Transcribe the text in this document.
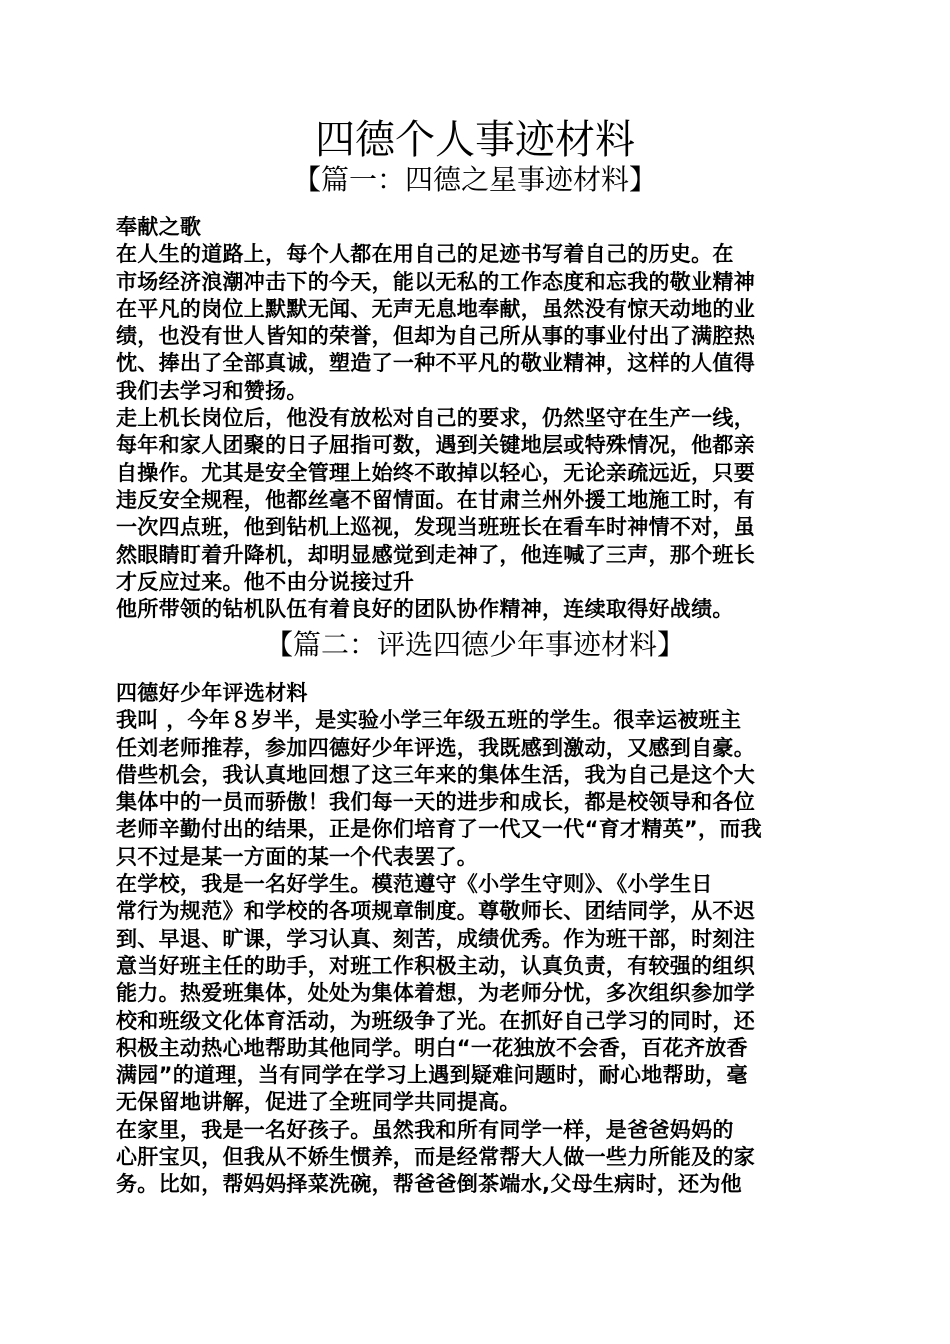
四德个人事迹材料
【篇一：四德之星事迹材料】
奉献之歌
在人生的道路上，每个人都在用自己的足迹书写着自己的历史。在
市场经济浪潮冲击下的今天，能以无私的工作态度和忘我的敬业精神
在平凡的岗位上默默无闻、无声无息地奉献，虽然没有惊天动地的业
绩，也没有世人皆知的荣誉，但却为自己所从事的事业付出了满腔热
忱、捧出了全部真诚，塑造了一种不平凡的敬业精神，这样的人值得
我们去学习和赞扬。
走上机长岗位后，他没有放松对自己的要求，仍然坚守在生产一线，
每年和家人团聚的日子屈指可数，遇到关键地层或特殊情况，他都亲
自操作。尤其是安全管理上始终不敢掉以轻心，无论亲疏远近，只要
违反安全规程，他都丝毫不留情面。在甘肃兰州外援工地施工时，有
一次四点班，他到钻机上巡视，发现当班班长在看车时神情不对，虽
然眼睛盯着升降机，却明显感觉到走神了，他连喊了三声，那个班长
才反应过来。他不由分说接过升
他所带领的钻机队伍有着良好的团队协作精神，连续取得好战绩。
【篇二：评选四德少年事迹材料】
四德好少年评选材料
我叫 ，今年８岁半，是实验小学三年级五班的学生。很幸运被班主
任刘老师推荐，参加四德好少年评选，我既感到激动，又感到自豪。
借些机会，我认真地回想了这三年来的集体生活，我为自己是这个大
集体中的一员而骄傲！我们每一天的进步和成长，都是校领导和各位
老师辛勤付出的结果，正是你们培育了一代又一代“育才精英”，而我
只不过是某一方面的某一个代表罢了。
在学校，我是一名好学生。模范遵守《小学生守则》、《小学生日
常行为规范》和学校的各项规章制度。尊敬师长、团结同学，从不迟
到、早退、旷课，学习认真、刻苦，成绩优秀。作为班干部，时刻注
意当好班主任的助手，对班工作积极主动，认真负责，有较强的组织
能力。热爱班集体，处处为集体着想，为老师分忧，多次组织参加学
校和班级文化体育活动，为班级争了光。在抓好自己学习的同时，还
积极主动热心地帮助其他同学。明白“一花独放不会香，百花齐放香
满园”的道理，当有同学在学习上遇到疑难问题时，耐心地帮助，毫
无保留地讲解，促进了全班同学共同提高。
在家里，我是一名好孩子。虽然我和所有同学一样，是爸爸妈妈的
心肝宝贝，但我从不娇生惯养，而是经常帮大人做一些力所能及的家
务。比如，帮妈妈择菜洗碗，帮爸爸倒茶端水,父母生病时，还为他
